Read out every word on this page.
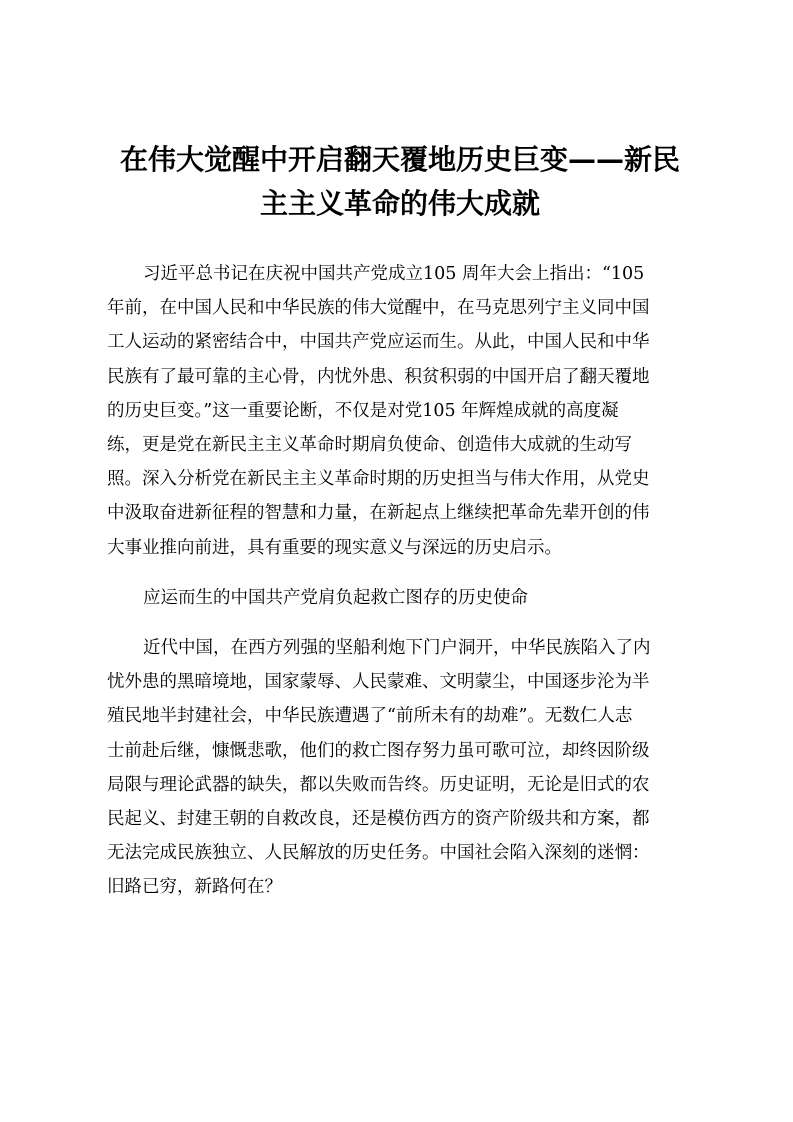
在伟大觉醒中开启翻天覆地历史巨变——新民
主主义革命的伟大成就

习近平总书记在庆祝中国共产党成立105 周年大会上指出：“105
年前，在中国人民和中华民族的伟大觉醒中，在马克思列宁主义同中国
工人运动的紧密结合中，中国共产党应运而生。从此，中国人民和中华
民族有了最可靠的主心骨，内忧外患、积贫积弱的中国开启了翻天覆地
的历史巨变。”这一重要论断，不仅是对党105 年辉煌成就的高度凝
练，更是党在新民主主义革命时期肩负使命、创造伟大成就的生动写
照。深入分析党在新民主主义革命时期的历史担当与伟大作用，从党史
中汲取奋进新征程的智慧和力量，在新起点上继续把革命先辈开创的伟
大事业推向前进，具有重要的现实意义与深远的历史启示。

应运而生的中国共产党肩负起救亡图存的历史使命

近代中国，在西方列强的坚船利炮下门户洞开，中华民族陷入了内
忧外患的黑暗境地，国家蒙辱、人民蒙难、文明蒙尘，中国逐步沦为半
殖民地半封建社会，中华民族遭遇了“前所未有的劫难”。无数仁人志
士前赴后继，慷慨悲歌，他们的救亡图存努力虽可歌可泣，却终因阶级
局限与理论武器的缺失，都以失败而告终。历史证明，无论是旧式的农
民起义、封建王朝的自救改良，还是模仿西方的资产阶级共和方案，都
无法完成民族独立、人民解放的历史任务。中国社会陷入深刻的迷惘：
旧路已穷，新路何在？
